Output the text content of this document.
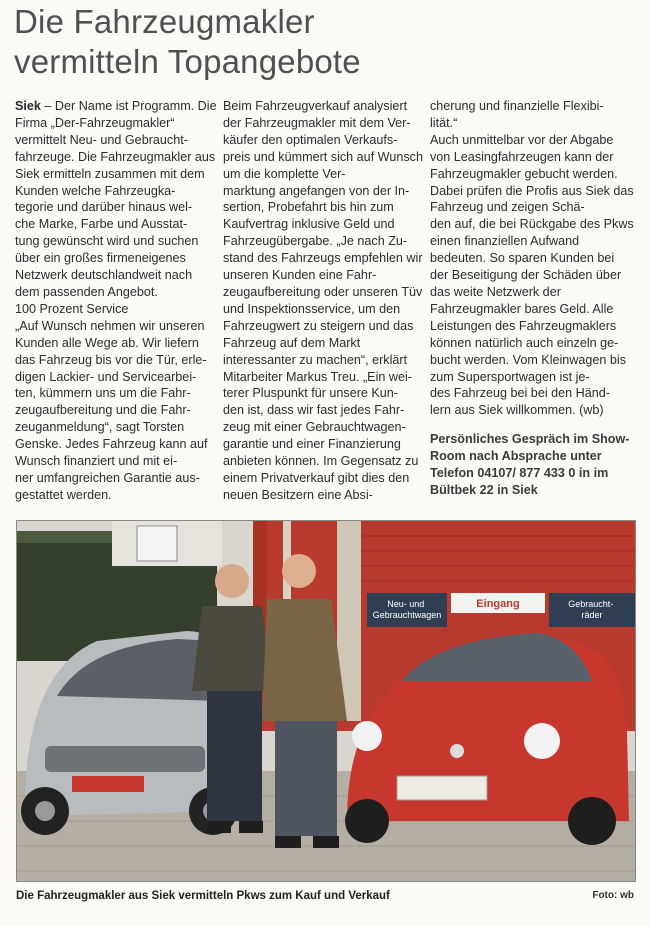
Die Fahrzeugmakler
vermitteln Topangebote

Siek – Der Name ist Programm. Die Firma „Der-Fahrzeugmakler“ vermittelt Neu- und Gebraucht-
fahrzeuge. Die Fahrzeugmakler aus Siek ermitteln zusammen mit dem Kunden welche Fahrzeugka-
tegorie und darüber hinaus wel-
che Marke, Farbe und Ausstat-
tung gewünscht wird und suchen über ein großes firmeneigenes Netzwerk deutschlandweit nach dem passenden Angebot.

100 Prozent Service

„Auf Wunsch nehmen wir unseren Kunden alle Wege ab. Wir liefern das Fahrzeug bis vor die Tür, erle-
digen Lackier- und Servicearbei-
ten, kümmern uns um die Fahr-
zeugaufbereitung und die Fahr-
zeuganmeldung“, sagt Torsten Genske. Jedes Fahrzeug kann auf Wunsch finanziert und mit ei-
ner umfangreichen Garantie aus-
gestattet werden.

Beim Fahrzeugverkauf analysiert der Fahrzeugmakler mit dem Ver-
käufer den optimalen Verkaufs-
preis und kümmert sich auf Wunsch um die komplette Ver-
marktung angefangen von der In-
sertion, Probefahrt bis hin zum Kaufvertrag inklusive Geld und Fahrzeugübergabe. „Je nach Zu-
stand des Fahrzeugs empfehlen wir unseren Kunden eine Fahr-
zeugaufbereitung oder unseren Tüv und Inspektionsservice, um den Fahrzeugwert zu steigern und das Fahrzeug auf dem Markt interessanter zu machen“, erklärt Mitarbeiter Markus Treu. „Ein wei-
terer Pluspunkt für unsere Kun-
den ist, dass wir fast jedes Fahr-
zeug mit einer Gebrauchtwagen-
garantie und einer Finanzierung anbieten können. Im Gegensatz zu einem Privatverkauf gibt dies den neuen Besitzern eine Absi-

cherung und finanzielle Flexibi-
lität.“
Auch unmittelbar vor der Abgabe von Leasingfahrzeugen kann der Fahrzeugmakler gebucht werden. Dabei prüfen die Profis aus Siek das Fahrzeug und zeigen Schä-
den auf, die bei Rückgabe des Pkws einen finanziellen Aufwand bedeuten. So sparen Kunden bei der Beseitigung der Schäden über das weite Netzwerk der Fahrzeugmakler bares Geld. Alle Leistungen des Fahrzeugmaklers können natürlich auch einzeln ge-
bucht werden. Vom Kleinwagen bis zum Supersportwagen ist je-
des Fahrzeug bei bei den Händ-
lern aus Siek willkommen. (wb)

Persönliches Gespräch im Show-Room nach Absprache unter Telefon 04107/ 877 433 0 in im Bültbek 22 in Siek

Neu- und Gebrauchtwagen
Eingang	Gebraucht- räder
Die Fahrzeugmakler aus Siek vermitteln Pkws zum Kauf und Verkauf	Foto: wb
